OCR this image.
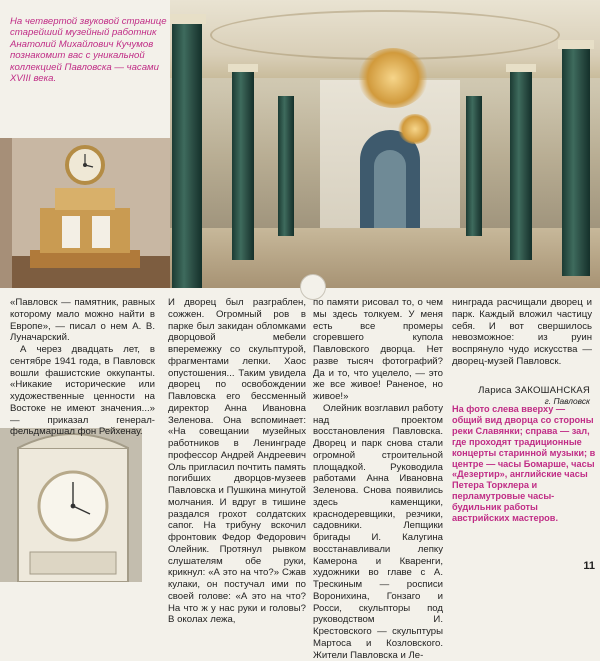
На четвертой звуковой странице старейший музейный работник Анатолий Михайлович Кучумов познакомит вас с уникальной коллекцией Павловска — часами XVIII века.

«Павловск — памятник, равных которому мало можно найти в Европе», — писал о нем А. В. Луначарский.

А через двадцать лет, в сентябре 1941 года, в Павловск вошли фашистские оккупанты. «Никакие исторические или художественные ценности на Востоке не имеют значения...» — приказал генерал-фельдмаршал фон Рейхенау.

И дворец был разграблен, сожжен. Огромный ров в парке был закидан обломками дворцовой мебели вперемежку со скульптурой, фрагментами лепки. Хаос опустошения... Таким увидела дворец по освобождении Павловска его бессменный директор Анна Ивановна Зеленова. Она вспоминает: «На совещании музейных работников в Ленинграде профессор Андрей Андреевич Оль пригласил почтить память погибших дворцов-музеев Павловска и Пушкина минутой молчания. И вдруг в тишине раздался грохот солдатских сапог. На трибуну вскочил фронтовик Федор Федорович Олейник. Протянул рывком слушателям обе руки, крикнул: «А это на что?» Сжав кулаки, он постучал ими по своей голове: «А это на что? На что ж у нас руки и головы? В околах лежа,

по памяти рисовал то, о чем мы здесь толкуем. У меня есть все промеры сгоревшего купола Павловского дворца. Нет разве тысяч фотографий? Да и то, что уцелело, — это же все живое! Раненое, но живое!»

Олейник возглавил работу над проектом восстановления Павловска. Дворец и парк снова стали огромной строительной площадкой. Руководила работами Анна Ивановна Зеленова. Снова появились здесь каменщики, краснодеревщики, резчики, садовники. Лепщики бригады И. Калугина восстанавливали лепку Камерона и Кваренги, художники во главе с А. Трескиным — росписи Воронихина, Гонзаго и Росси, скульпторы под руководством И. Крестовского — скульптуры Мартоса и Козловского. Жители Павловска и Ле-

нинграда расчищали дворец и парк. Каждый вложил частицу себя. И вот свершилось невозможное: из руин воспрянуло чудо искусства — дворец-музей Павловск.

Лариса ЗАКОШАНСКАЯ
г. Павловск
На фото слева вверху — общий вид дворца со стороны реки Славянки; справа — зал, где проходят традиционные концерты старинной музыки; в центре — часы Бомарше, часы «Дезертир», английские часы Петера Торклера и перламутровые часы-будильник работы австрийских мастеров.
11
